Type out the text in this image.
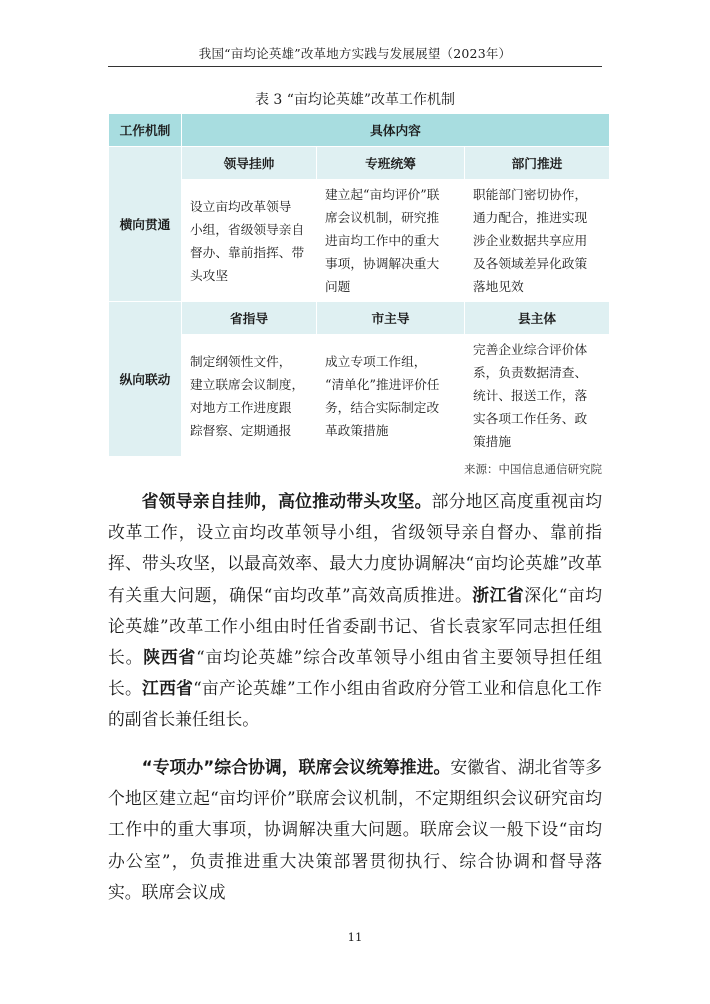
我国“亩均论英雄”改革地方实践与发展展望（2023年）
表 3 “亩均论英雄”改革工作机制
工作机制	具体内容		
横向贯通	领导挂帅	专班统筹	部门推进

	设立亩均改革领导
小组，省级领导亲自
督办、靠前指挥、带
头攻坚	建立起“亩均评价”联
席会议机制，研究推
进亩均工作中的重大
事项，协调解决重大
问题	职能部门密切协作，
通力配合，推进实现
涉企业数据共享应用
及各领域差异化政策
落地见效

纵向联动	省指导	市主导	县主体

	制定纲领性文件，
建立联席会议制度，
对地方工作进度跟
踪督察、定期通报	成立专项工作组，
“清单化”推进评价任
务，结合实际制定改
革政策措施	完善企业综合评价体
系，负责数据清查、
统计、报送工作，落
实各项工作任务、政
策措施
来源：中国信息通信研究院
省领导亲自挂帅，高位推动带头攻坚。部分地区高度重视亩均改革工作，设立亩均改革领导小组，省级领导亲自督办、靠前指挥、带头攻坚，以最高效率、最大力度协调解决“亩均论英雄”改革有关重大问题，确保“亩均改革”高效高质推进。浙江省深化“亩均论英雄”改革工作小组由时任省委副书记、省长袁家军同志担任组长。陕西省“亩均论英雄”综合改革领导小组由省主要领导担任组长。江西省“亩产论英雄”工作小组由省政府分管工业和信息化工作的副省长兼任组长。
“专项办”综合协调，联席会议统筹推进。安徽省、湖北省等多个地区建立起“亩均评价”联席会议机制，不定期组织会议研究亩均工作中的重大事项，协调解决重大问题。联席会议一般下设“亩均办公室”，负责推进重大决策部署贯彻执行、综合协调和督导落实。联席会议成
11
